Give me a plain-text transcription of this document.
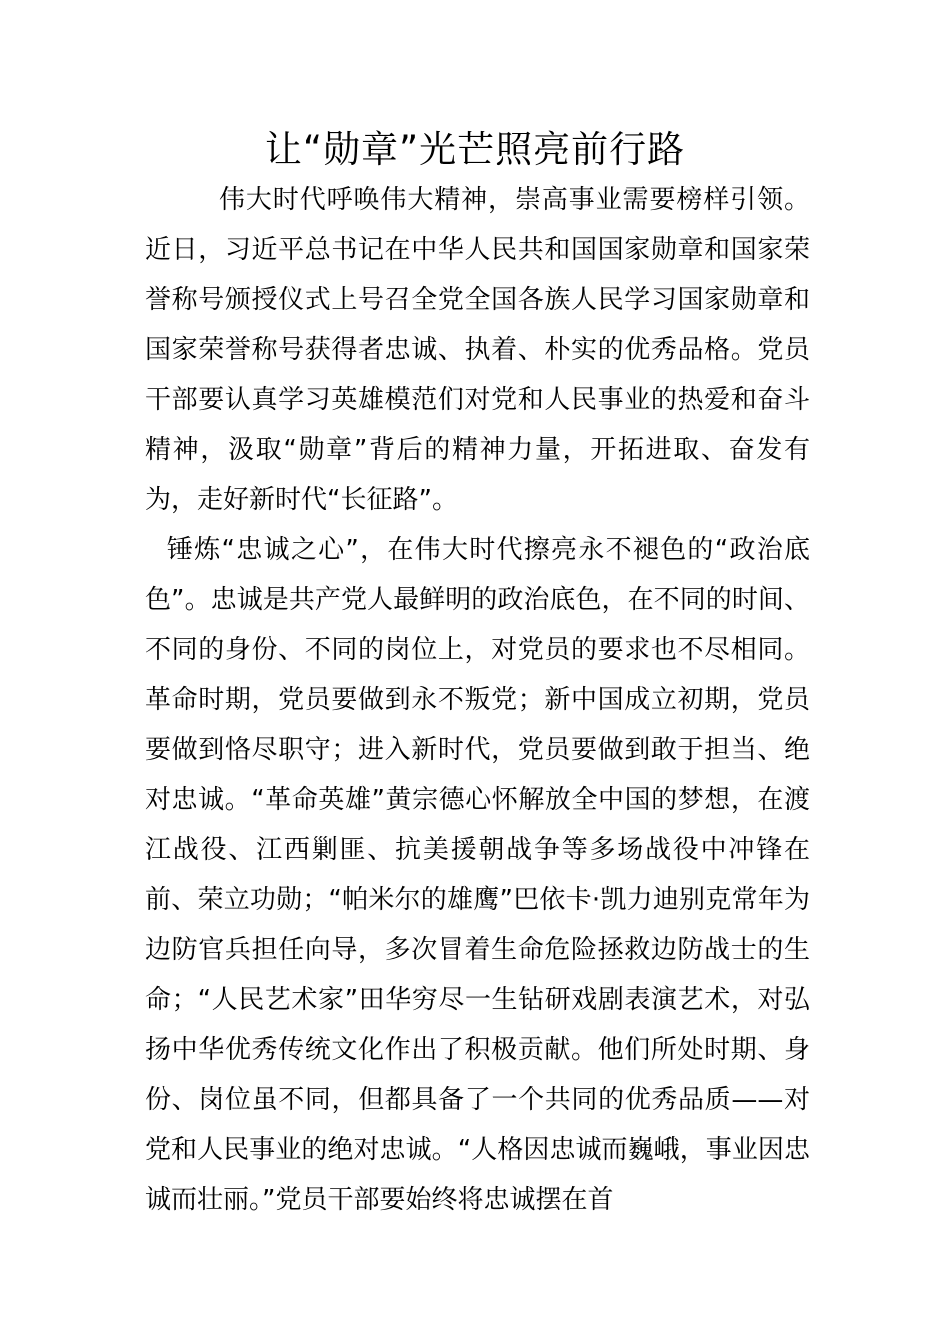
让“勋章”光芒照亮前行路

伟大时代呼唤伟大精神，崇高事业需要榜样引领。近日，习近平总书记在中华人民共和国国家勋章和国家荣誉称号颁授仪式上号召全党全国各族人民学习国家勋章和国家荣誉称号获得者忠诚、执着、朴实的优秀品格。党员干部要认真学习英雄模范们对党和人民事业的热爱和奋斗精神，汲取“勋章”背后的精神力量，开拓进取、奋发有为，走好新时代“长征路”。

锤炼“忠诚之心”，在伟大时代擦亮永不褪色的“政治底色”。忠诚是共产党人最鲜明的政治底色，在不同的时间、不同的身份、不同的岗位上，对党员的要求也不尽相同。革命时期，党员要做到永不叛党；新中国成立初期，党员要做到恪尽职守；进入新时代，党员要做到敢于担当、绝对忠诚。“革命英雄”黄宗德心怀解放全中国的梦想，在渡江战役、江西剿匪、抗美援朝战争等多场战役中冲锋在前、荣立功勋；“帕米尔的雄鹰”巴依卡·凯力迪别克常年为边防官兵担任向导，多次冒着生命危险拯救边防战士的生命；“人民艺术家”田华穷尽一生钻研戏剧表演艺术，对弘扬中华优秀传统文化作出了积极贡献。他们所处时期、身份、岗位虽不同，但都具备了一个共同的优秀品质——对党和人民事业的绝对忠诚。“人格因忠诚而巍峨，事业因忠诚而壮丽。”党员干部要始终将忠诚摆在首
